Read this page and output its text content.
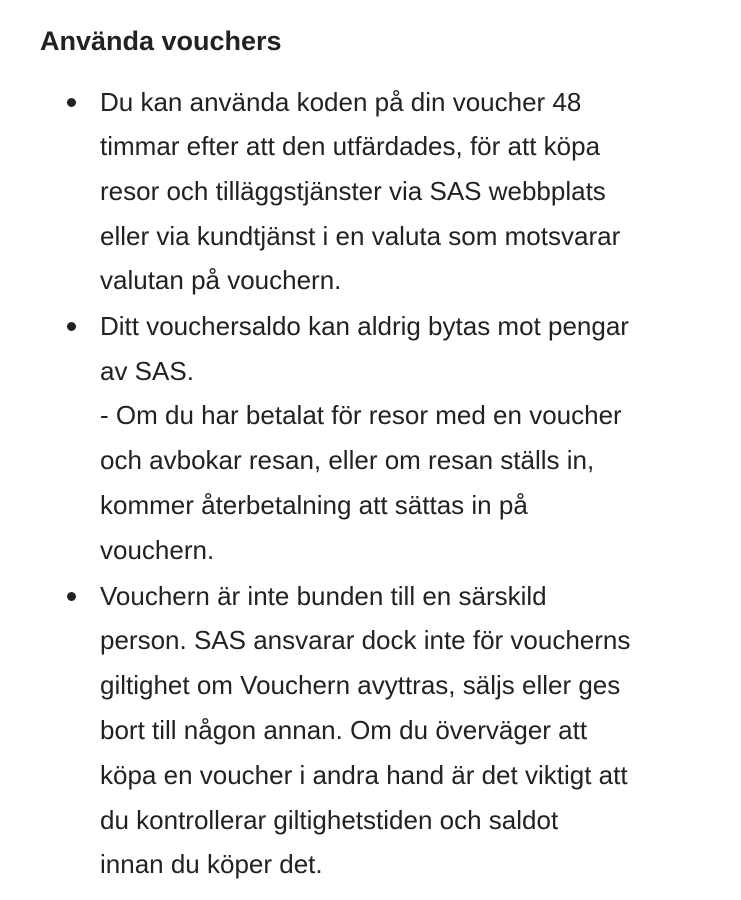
Använda vouchers
Du kan använda koden på din voucher 48
timmar efter att den utfärdades, för att köpa
resor och tilläggstjänster via SAS webbplats
eller via kundtjänst i en valuta som motsvarar
valutan på vouchern.
Ditt vouchersaldo kan aldrig bytas mot pengar
av SAS.
- Om du har betalat för resor med en voucher
och avbokar resan, eller om resan ställs in,
kommer återbetalning att sättas in på
vouchern.
Vouchern är inte bunden till en särskild
person. SAS ansvarar dock inte för voucherns
giltighet om Vouchern avyttras, säljs eller ges
bort till någon annan. Om du överväger att
köpa en voucher i andra hand är det viktigt att
du kontrollerar giltighetstiden och saldot
innan du köper det.
